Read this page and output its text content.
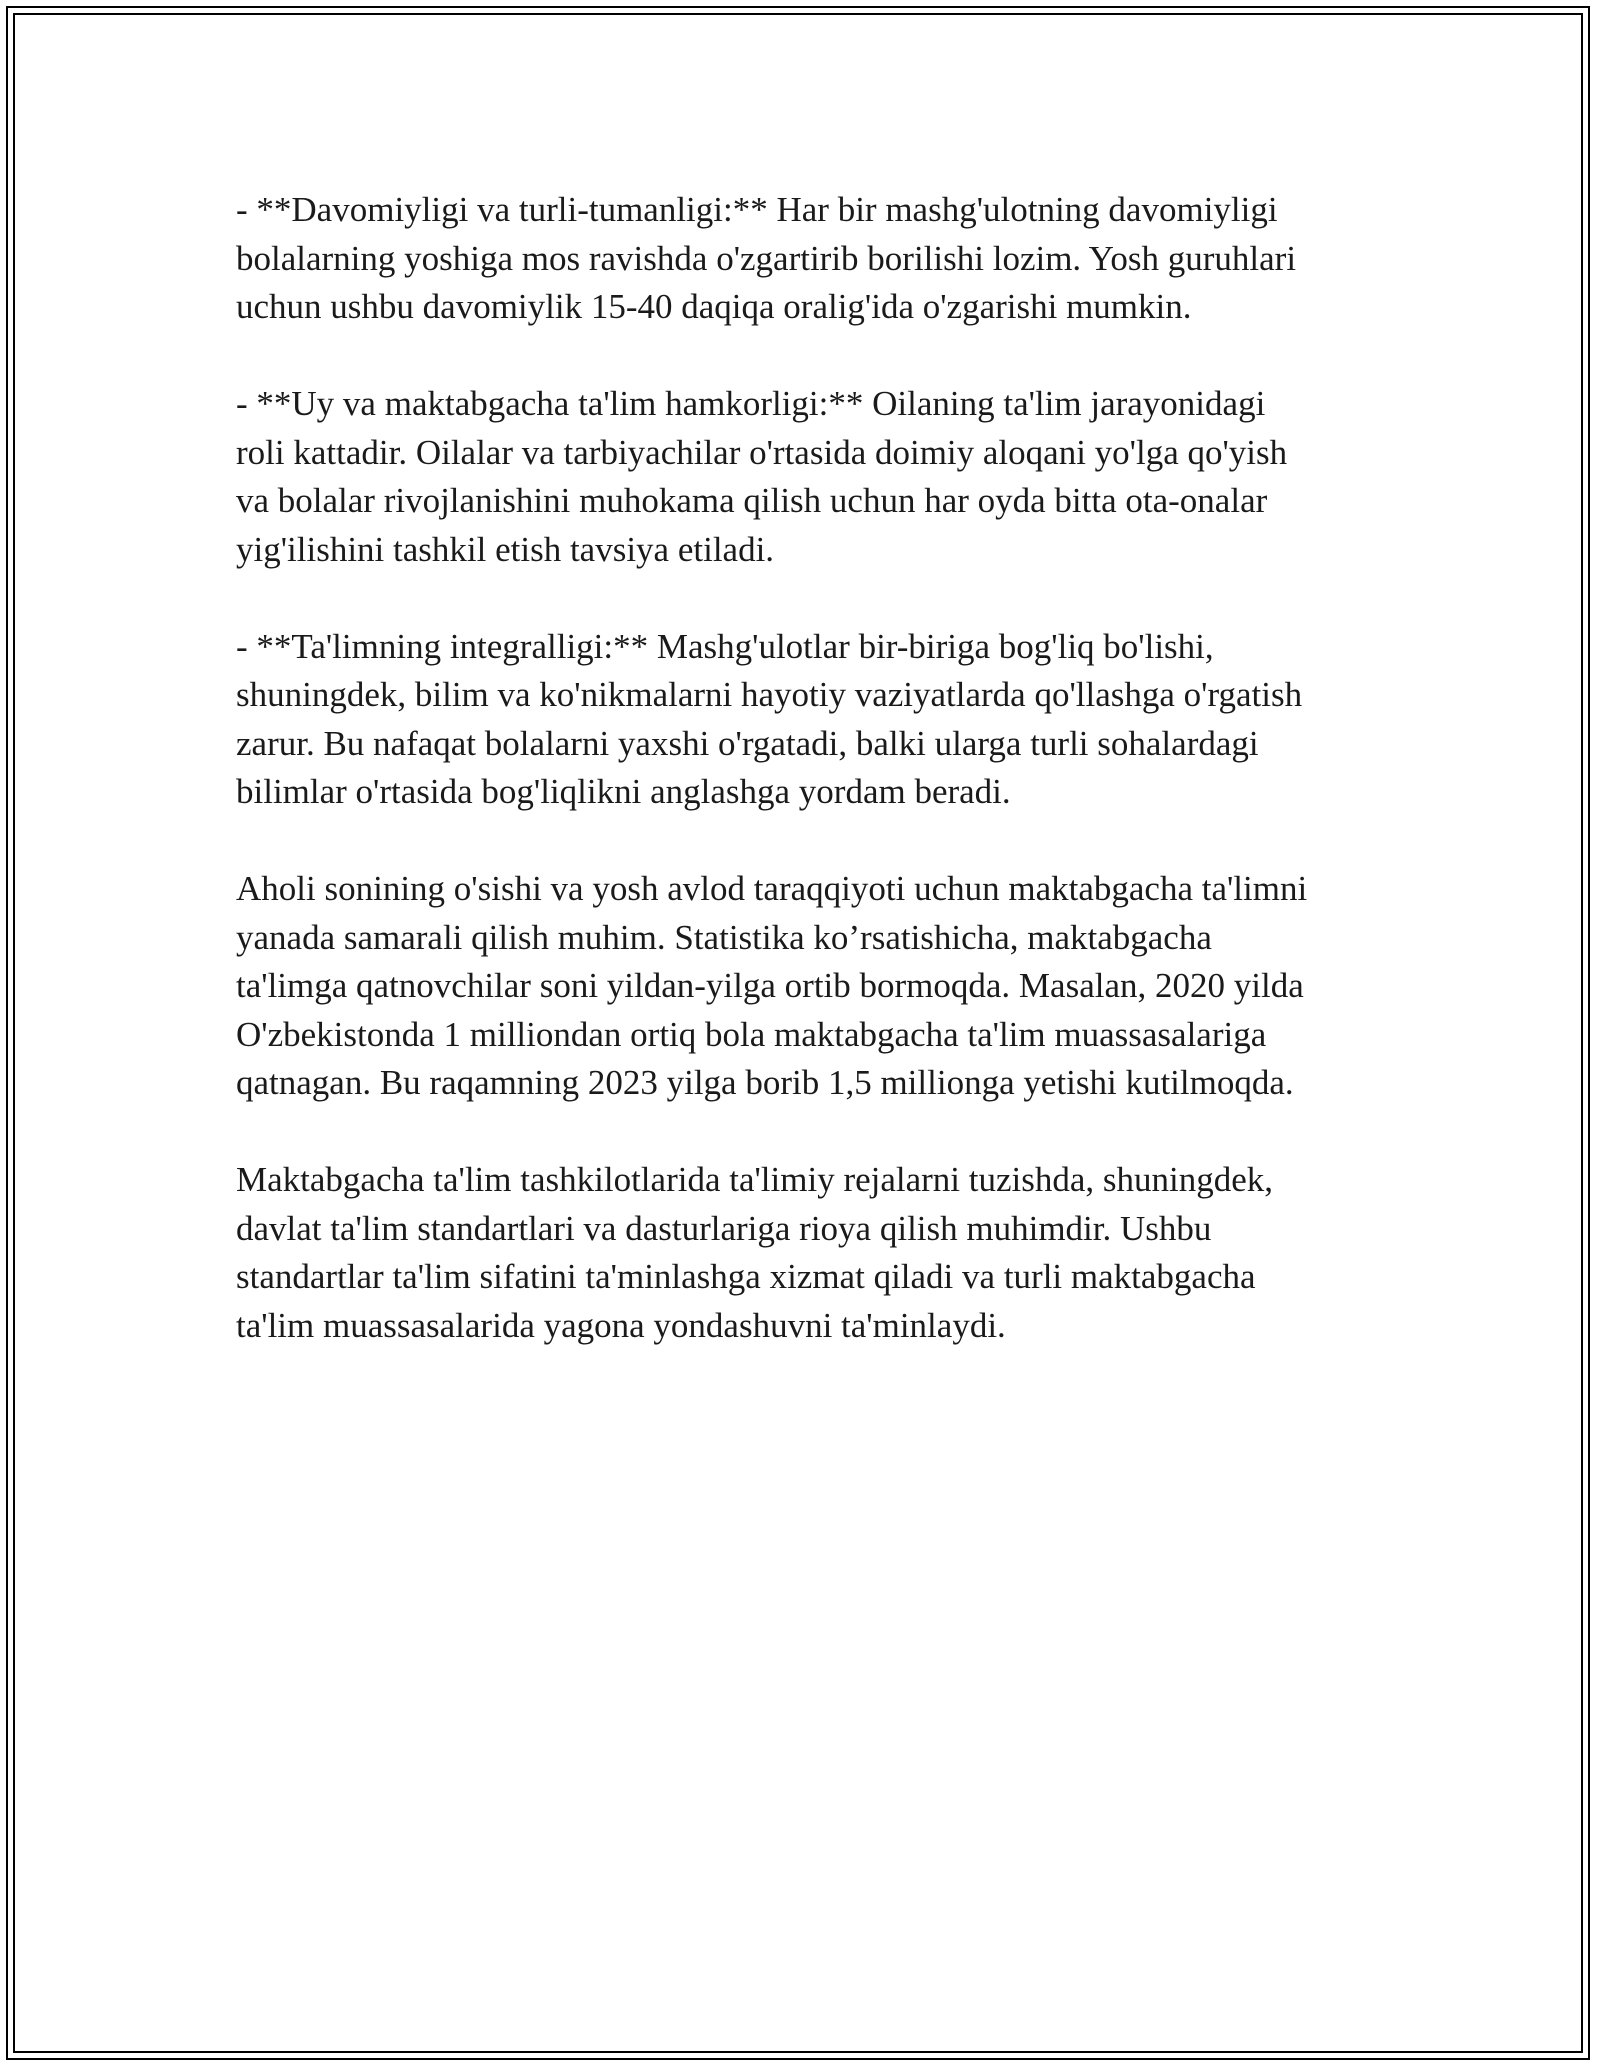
- **Davomiyligi va turli-tumanligi:** Har bir mashg'ulotning davomiyligi
bolalarning yoshiga mos ravishda o'zgartirib borilishi lozim. Yosh guruhlari
uchun ushbu davomiylik 15-40 daqiqa oralig'ida o'zgarishi mumkin.

- **Uy va maktabgacha ta'lim hamkorligi:** Oilaning ta'lim jarayonidagi
roli kattadir. Oilalar va tarbiyachilar o'rtasida doimiy aloqani yo'lga qo'yish
va bolalar rivojlanishini muhokama qilish uchun har oyda bitta ota-onalar
yig'ilishini tashkil etish tavsiya etiladi.

- **Ta'limning integralligi:** Mashg'ulotlar bir-biriga bog'liq bo'lishi,
shuningdek, bilim va ko'nikmalarni hayotiy vaziyatlarda qo'llashga o'rgatish
zarur. Bu nafaqat bolalarni yaxshi o'rgatadi, balki ularga turli sohalardagi
bilimlar o'rtasida bog'liqlikni anglashga yordam beradi.

Aholi sonining o'sishi va yosh avlod taraqqiyoti uchun maktabgacha ta'limni
yanada samarali qilish muhim. Statistika ko’rsatishicha, maktabgacha
ta'limga qatnovchilar soni yildan-yilga ortib bormoqda. Masalan, 2020 yilda
O'zbekistonda 1 milliondan ortiq bola maktabgacha ta'lim muassasalariga
qatnagan. Bu raqamning 2023 yilga borib 1,5 millionga yetishi kutilmoqda.

Maktabgacha ta'lim tashkilotlarida ta'limiy rejalarni tuzishda, shuningdek,
davlat ta'lim standartlari va dasturlariga rioya qilish muhimdir. Ushbu
standartlar ta'lim sifatini ta'minlashga xizmat qiladi va turli maktabgacha
ta'lim muassasalarida yagona yondashuvni ta'minlaydi.
